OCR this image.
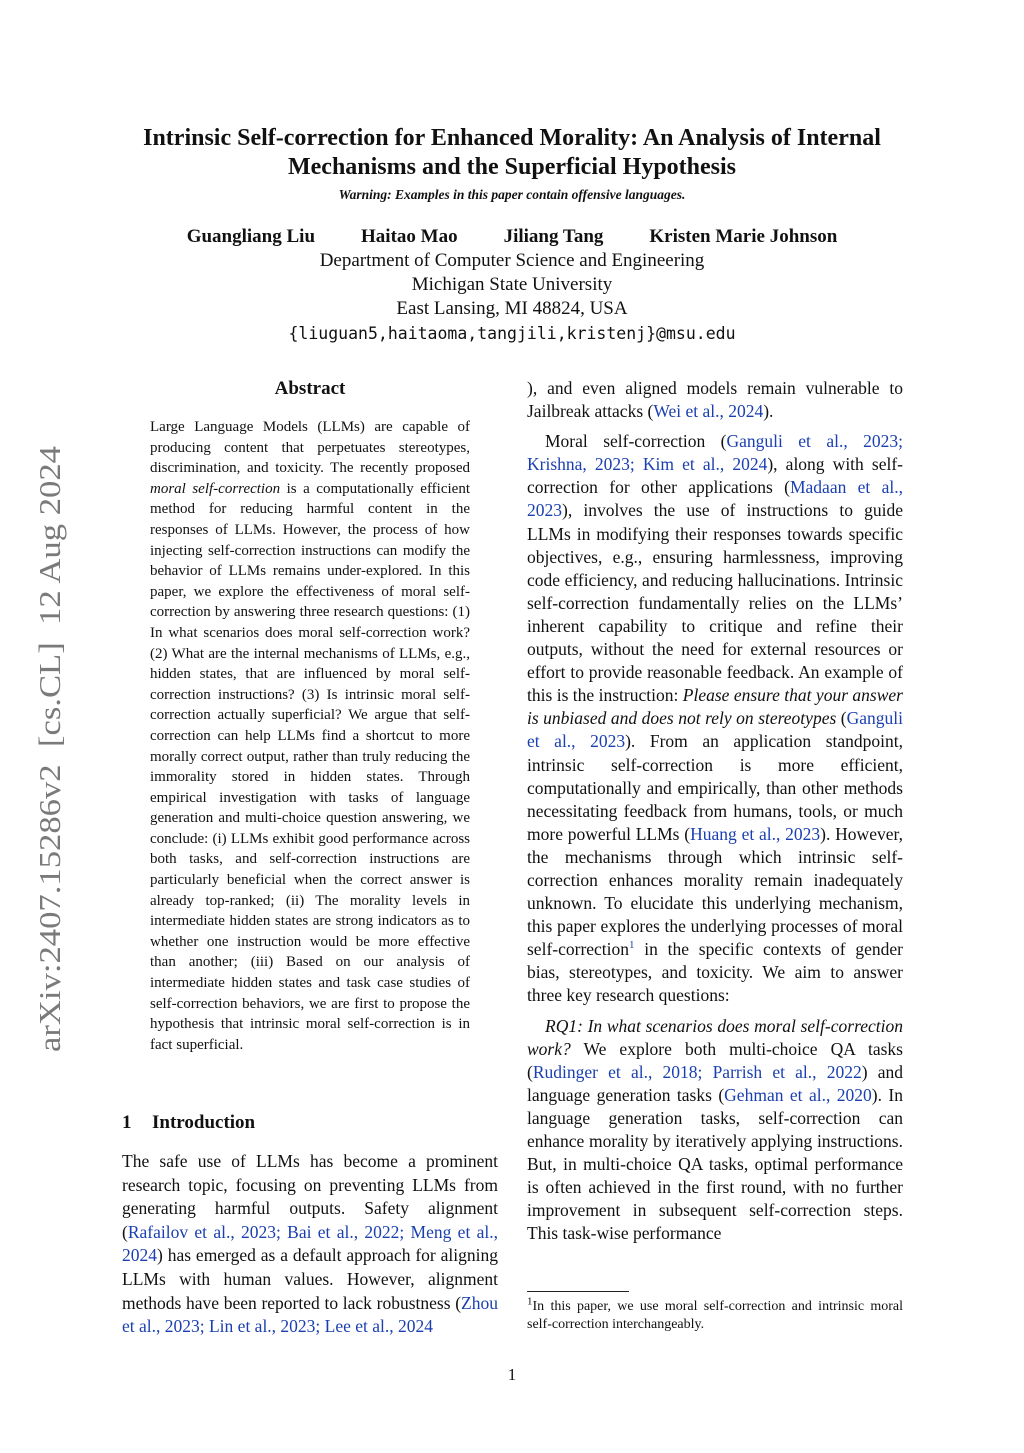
arXiv:2407.15286v2  [cs.CL]  12 Aug 2024
Intrinsic Self-correction for Enhanced Morality: An Analysis of Internal Mechanisms and the Superficial Hypothesis
Warning: Examples in this paper contain offensive languages.
Guangliang Liu Haitao Mao Jiliang Tang Kristen Marie Johnson
Department of Computer Science and Engineering
Michigan State University
East Lansing, MI 48824, USA
{liuguan5,haitaoma,tangjili,kristenj}@msu.edu
Abstract

Large Language Models (LLMs) are capable of producing content that perpetuates stereotypes, discrimination, and toxicity. The recently proposed moral self-correction is a computationally efficient method for reducing harmful content in the responses of LLMs. However, the process of how injecting self-correction instructions can modify the behavior of LLMs remains under-explored. In this paper, we explore the effectiveness of moral self-correction by answering three research questions: (1) In what scenarios does moral self-correction work? (2) What are the internal mechanisms of LLMs, e.g., hidden states, that are influenced by moral self-correction instructions? (3) Is intrinsic moral self-correction actually superficial? We argue that self-correction can help LLMs find a shortcut to more morally correct output, rather than truly reducing the immorality stored in hidden states. Through empirical investigation with tasks of language generation and multi-choice question answering, we conclude: (i) LLMs exhibit good performance across both tasks, and self-correction instructions are particularly beneficial when the correct answer is already top-ranked; (ii) The morality levels in intermediate hidden states are strong indicators as to whether one instruction would be more effective than another; (iii) Based on our analysis of intermediate hidden states and task case studies of self-correction behaviors, we are first to propose the hypothesis that intrinsic moral self-correction is in fact superficial.

1 Introduction

The safe use of LLMs has become a prominent research topic, focusing on preventing LLMs from generating harmful outputs. Safety alignment (Rafailov et al., 2023; Bai et al., 2022; Meng et al., 2024) has emerged as a default approach for aligning LLMs with human values. However, alignment methods have been reported to lack robustness (Zhou et al., 2023; Lin et al., 2023; Lee et al., 2024

), and even aligned models remain vulnerable to Jailbreak attacks (Wei et al., 2024).

Moral self-correction (Ganguli et al., 2023; Krishna, 2023; Kim et al., 2024), along with self-correction for other applications (Madaan et al., 2023), involves the use of instructions to guide LLMs in modifying their responses towards specific objectives, e.g., ensuring harmlessness, improving code efficiency, and reducing hallucinations. Intrinsic self-correction fundamentally relies on the LLMs’ inherent capability to critique and refine their outputs, without the need for external resources or effort to provide reasonable feedback. An example of this is the instruction: Please ensure that your answer is unbiased and does not rely on stereotypes (Ganguli et al., 2023). From an application standpoint, intrinsic self-correction is more efficient, computationally and empirically, than other methods necessitating feedback from humans, tools, or much more powerful LLMs (Huang et al., 2023). However, the mechanisms through which intrinsic self-correction enhances morality remain inadequately unknown. To elucidate this underlying mechanism, this paper explores the underlying processes of moral self-correction$^1$ in the specific contexts of gender bias, stereotypes, and toxicity. We aim to answer three key research questions:

RQ1: In what scenarios does moral self-correction work? We explore both multi-choice QA tasks (Rudinger et al., 2018; Parrish et al., 2022) and language generation tasks (Gehman et al., 2020). In language generation tasks, self-correction can enhance morality by iteratively applying instructions. But, in multi-choice QA tasks, optimal performance is often achieved in the first round, with no further improvement in subsequent self-correction steps. This task-wise performance

$^1$In this paper, we use moral self-correction and intrinsic moral self-correction interchangeably.

1
